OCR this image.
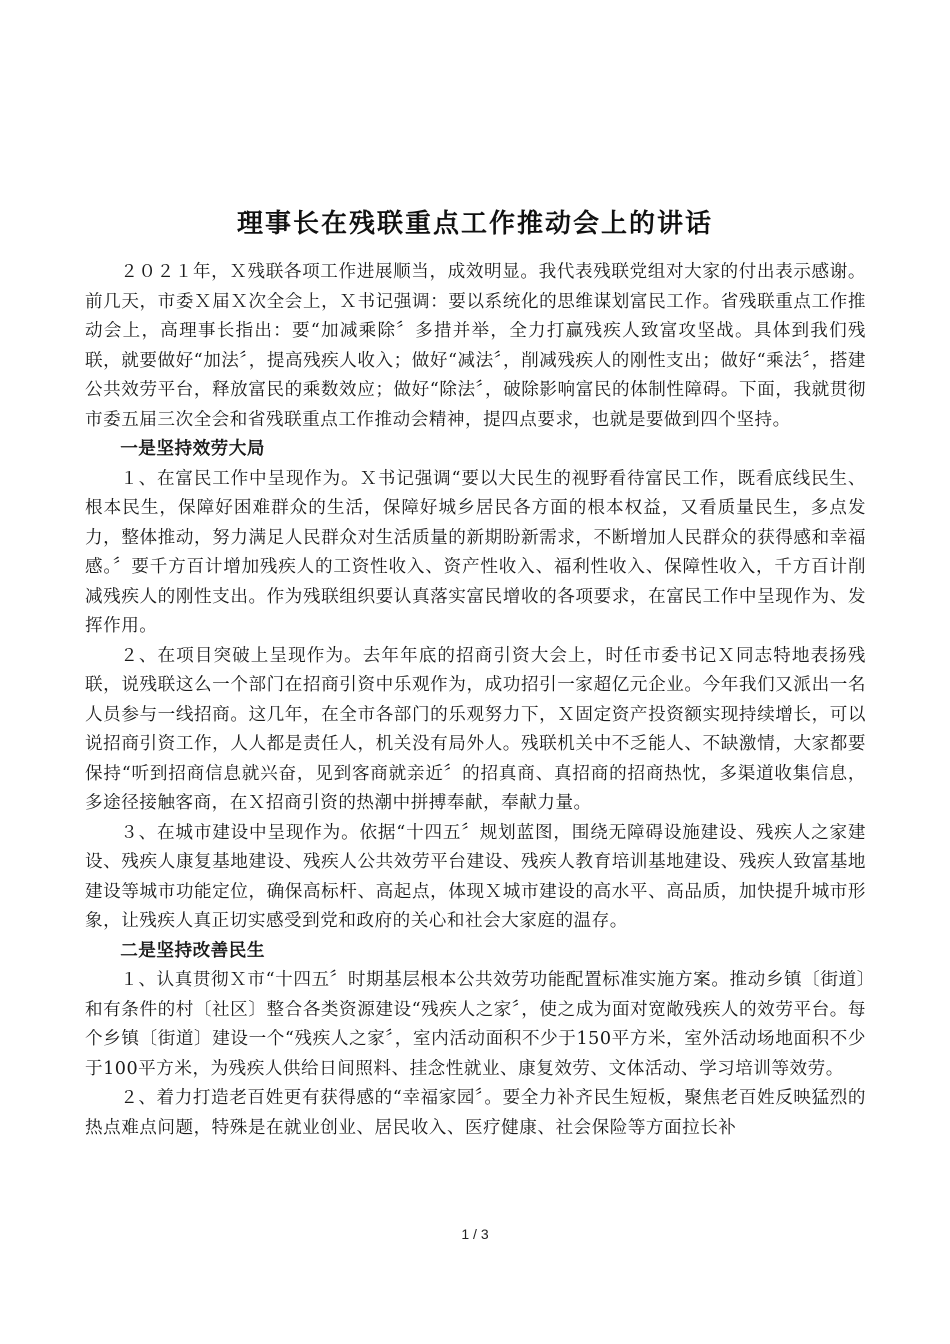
理事长在残联重点工作推动会上的讲话

２０２１年，Ｘ残联各项工作进展顺当，成效明显。我代表残联党组对大家的付出表示感谢。前几天，市委Ｘ届Ｘ次全会上，Ｘ书记强调：要以系统化的思维谋划富民工作。省残联重点工作推动会上，高理事长指出：要“加减乘除〞多措并举，全力打赢残疾人致富攻坚战。具体到我们残联，就要做好“加法〞，提高残疾人收入；做好“减法〞，削减残疾人的刚性支出；做好“乘法〞，搭建公共效劳平台，释放富民的乘数效应；做好“除法〞，破除影响富民的体制性障碍。下面，我就贯彻市委五届三次全会和省残联重点工作推动会精神，提四点要求，也就是要做到四个坚持。

一是坚持效劳大局

１、在富民工作中呈现作为。Ｘ书记强调“要以大民生的视野看待富民工作，既看底线民生、根本民生，保障好困难群众的生活，保障好城乡居民各方面的根本权益，又看质量民生，多点发力，整体推动，努力满足人民群众对生活质量的新期盼新需求，不断增加人民群众的获得感和幸福感。〞要千方百计增加残疾人的工资性收入、资产性收入、福利性收入、保障性收入，千方百计削减残疾人的刚性支出。作为残联组织要认真落实富民增收的各项要求，在富民工作中呈现作为、发挥作用。

２、在项目突破上呈现作为。去年年底的招商引资大会上，时任市委书记Ｘ同志特地表扬残联，说残联这么一个部门在招商引资中乐观作为，成功招引一家超亿元企业。今年我们又派出一名人员参与一线招商。这几年，在全市各部门的乐观努力下，Ｘ固定资产投资额实现持续增长，可以说招商引资工作，人人都是责任人，机关没有局外人。残联机关中不乏能人、不缺激情，大家都要保持“听到招商信息就兴奋，见到客商就亲近〞的招真商、真招商的招商热忱，多渠道收集信息，多途径接触客商，在Ｘ招商引资的热潮中拼搏奉献，奉献力量。

３、在城市建设中呈现作为。依据“十四五〞规划蓝图，围绕无障碍设施建设、残疾人之家建设、残疾人康复基地建设、残疾人公共效劳平台建设、残疾人教育培训基地建设、残疾人致富基地建设等城市功能定位，确保高标杆、高起点，体现Ｘ城市建设的高水平、高品质，加快提升城市形象，让残疾人真正切实感受到党和政府的关心和社会大家庭的温存。

二是坚持改善民生

１、认真贯彻Ｘ市“十四五〞时期基层根本公共效劳功能配置标准实施方案。推动乡镇〔街道〕和有条件的村〔社区〕整合各类资源建设“残疾人之家〞，使之成为面对宽敞残疾人的效劳平台。每个乡镇〔街道〕建设一个“残疾人之家〞，室内活动面积不少于150平方米，室外活动场地面积不少于100平方米，为残疾人供给日间照料、挂念性就业、康复效劳、文体活动、学习培训等效劳。

２、着力打造老百姓更有获得感的“幸福家园〞。要全力补齐民生短板，聚焦老百姓反映猛烈的热点难点问题，特殊是在就业创业、居民收入、医疗健康、社会保险等方面拉长补

1 / 3
